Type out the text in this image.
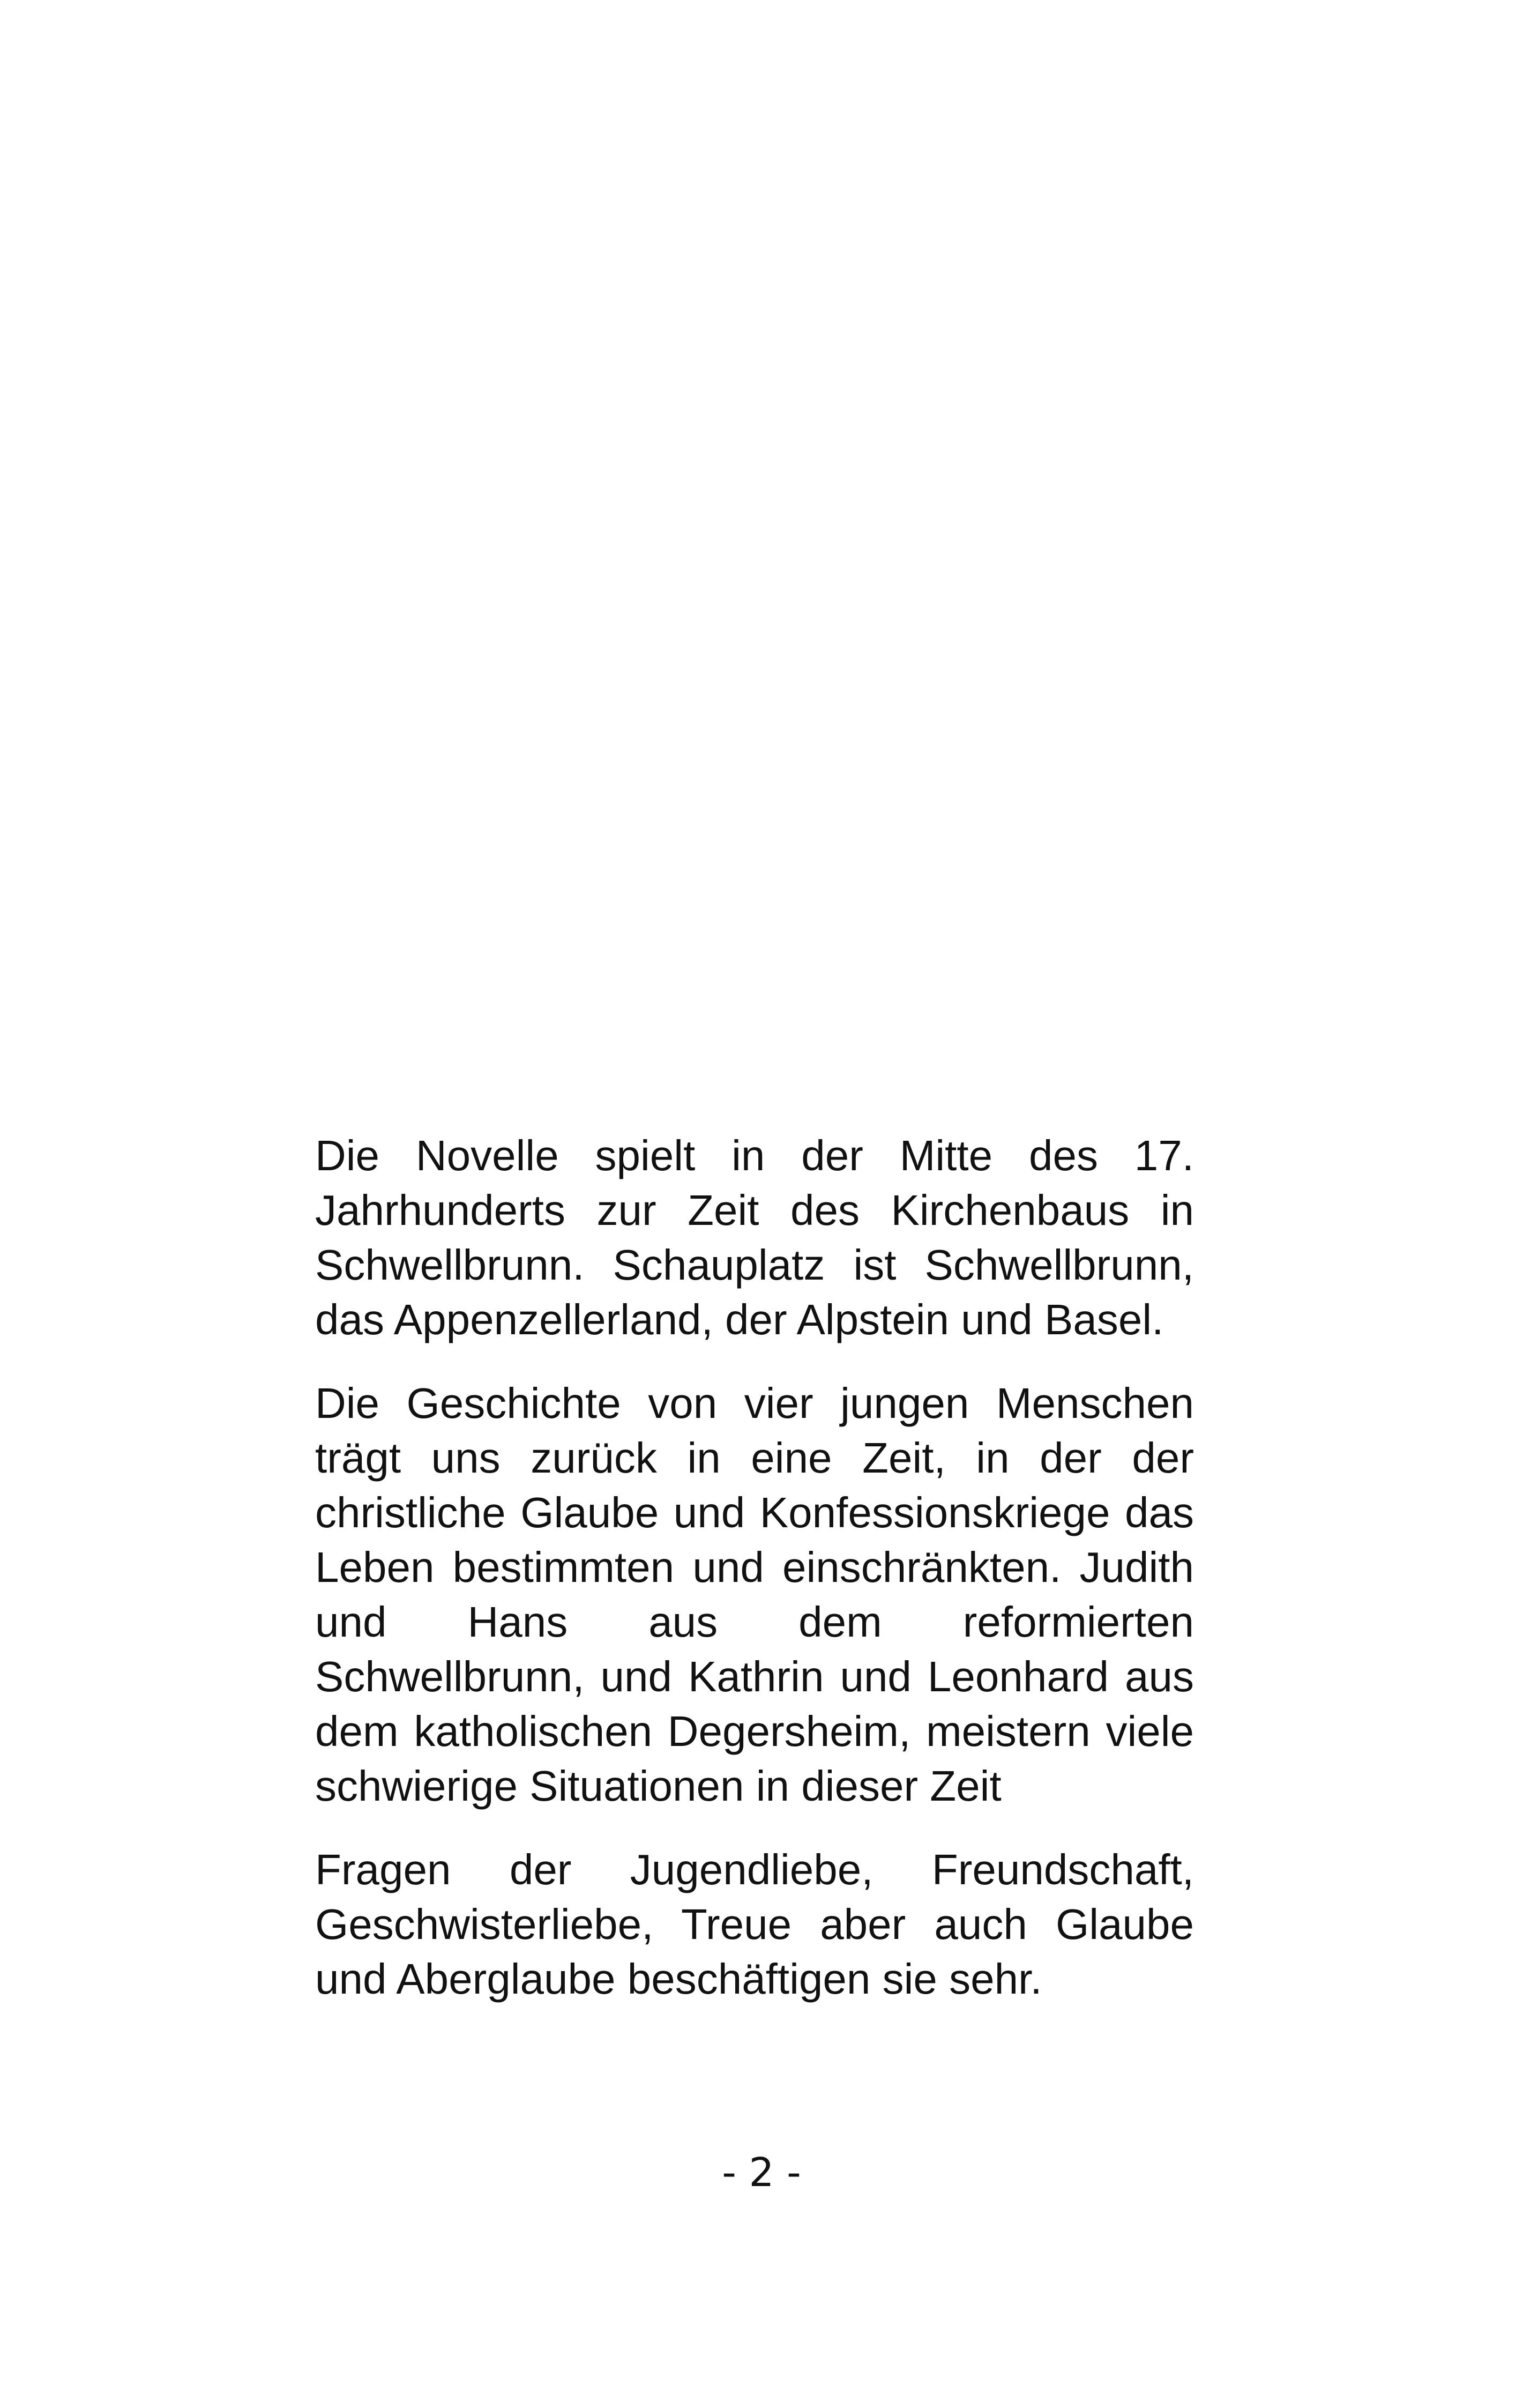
Die Novelle spielt in der Mitte des 17. Jahrhunderts zur Zeit des Kirchenbaus in Schwellbrunn. Schauplatz ist Schwellbrunn, das Appenzellerland, der Alpstein und Basel.

Die Geschichte von vier jungen Menschen trägt uns zurück in eine Zeit, in der der christliche Glaube und Konfessionskriege das Leben bestimmten und einschränkten. Judith und Hans aus dem reformierten Schwellbrunn, und Kathrin und Leonhard aus dem katholischen Degersheim, meistern viele schwierige Situationen in dieser Zeit

Fragen der Jugendliebe, Freundschaft, Geschwisterliebe, Treue aber auch Glaube und Aberglaube beschäftigen sie sehr.

- 2 -
